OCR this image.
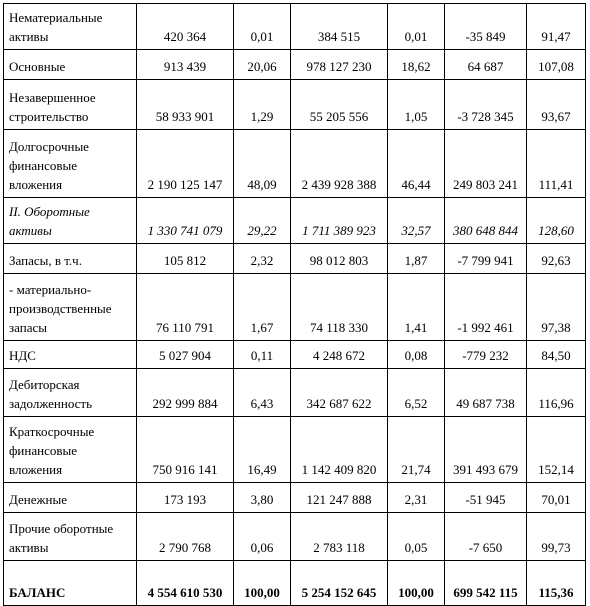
Нематериальные активы	420 364	0,01	384 515	0,01	-35 849	91,47
Основные	913 439	20,06	978 127 230	18,62	64 687	107,08
Незавершенное строительство	58 933 901	1,29	55 205 556	1,05	-3 728 345	93,67
Долгосрочные финансовые вложения	2 190 125 147	48,09	2 439 928 388	46,44	249 803 241	111,41
II. Оборотные активы	1 330 741 079	29,22	1 711 389 923	32,57	380 648 844	128,60
Запасы, в т.ч.	105 812	2,32	98 012 803	1,87	-7 799 941	92,63
- материально-производственные запасы	76 110 791	1,67	74 118 330	1,41	-1 992 461	97,38
НДС	5 027 904	0,11	4 248 672	0,08	-779 232	84,50
Дебиторская задолженность	292 999 884	6,43	342 687 622	6,52	49 687 738	116,96
Краткосрочные финансовые вложения	750 916 141	16,49	1 142 409 820	21,74	391 493 679	152,14
Денежные	173 193	3,80	121 247 888	2,31	-51 945	70,01
Прочие оборотные активы	2 790 768	0,06	2 783 118	0,05	-7 650	99,73
БАЛАНС	4 554 610 530	100,00	5 254 152 645	100,00	699 542 115	115,36
